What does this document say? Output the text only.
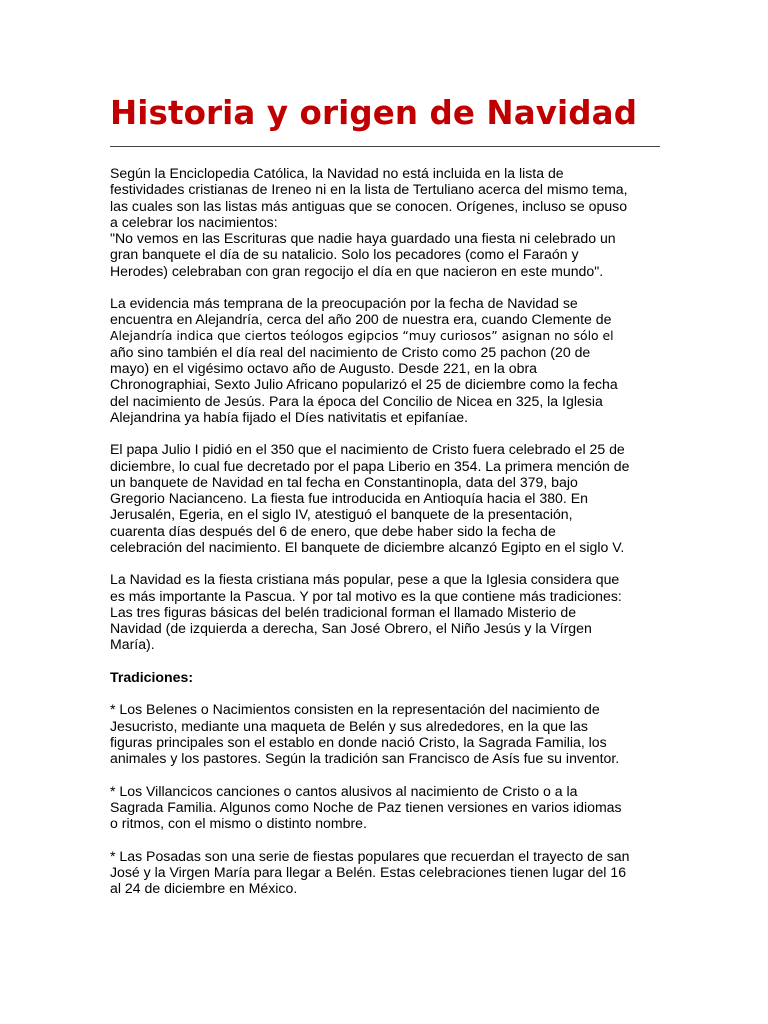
Historia y origen de Navidad

Según la Enciclopedia Católica, la Navidad no está incluida en la lista de
festividades cristianas de Ireneo ni en la lista de Tertuliano acerca del mismo tema,
las cuales son las listas más antiguas que se conocen. Orígenes, incluso se opuso
a celebrar los nacimientos:
"No vemos en las Escrituras que nadie haya guardado una fiesta ni celebrado un
gran banquete el día de su natalicio. Solo los pecadores (como el Faraón y
Herodes) celebraban con gran regocijo el día en que nacieron en este mundo".

La evidencia más temprana de la preocupación por la fecha de Navidad se
encuentra en Alejandría, cerca del año 200 de nuestra era, cuando Clemente de
Alejandría indica que ciertos teólogos egipcios “muy curiosos” asignan no sólo el
año sino también el día real del nacimiento de Cristo como 25 pachon (20 de
mayo) en el vigésimo octavo año de Augusto. Desde 221, en la obra
Chronographiai, Sexto Julio Africano popularizó el 25 de diciembre como la fecha
del nacimiento de Jesús. Para la época del Concilio de Nicea en 325, la Iglesia
Alejandrina ya había fijado el Díes nativitatis et epifaníae.

El papa Julio I pidió en el 350 que el nacimiento de Cristo fuera celebrado el 25 de
diciembre, lo cual fue decretado por el papa Liberio en 354. La primera mención de
un banquete de Navidad en tal fecha en Constantinopla, data del 379, bajo
Gregorio Nacianceno. La fiesta fue introducida en Antioquía hacia el 380. En
Jerusalén, Egeria, en el siglo IV, atestiguó el banquete de la presentación,
cuarenta días después del 6 de enero, que debe haber sido la fecha de
celebración del nacimiento. El banquete de diciembre alcanzó Egipto en el siglo V.

La Navidad es la fiesta cristiana más popular, pese a que la Iglesia considera que
es más importante la Pascua. Y por tal motivo es la que contiene más tradiciones:
Las tres figuras básicas del belén tradicional forman el llamado Misterio de
Navidad (de izquierda a derecha, San José Obrero, el Niño Jesús y la Vírgen
María).

Tradiciones:

* Los Belenes o Nacimientos consisten en la representación del nacimiento de
Jesucristo, mediante una maqueta de Belén y sus alrededores, en la que las
figuras principales son el establo en donde nació Cristo, la Sagrada Familia, los
animales y los pastores. Según la tradición san Francisco de Asís fue su inventor.

* Los Villancicos canciones o cantos alusivos al nacimiento de Cristo o a la
Sagrada Familia. Algunos como Noche de Paz tienen versiones en varios idiomas
o ritmos, con el mismo o distinto nombre.

* Las Posadas son una serie de fiestas populares que recuerdan el trayecto de san
José y la Virgen María para llegar a Belén. Estas celebraciones tienen lugar del 16
al 24 de diciembre en México.
